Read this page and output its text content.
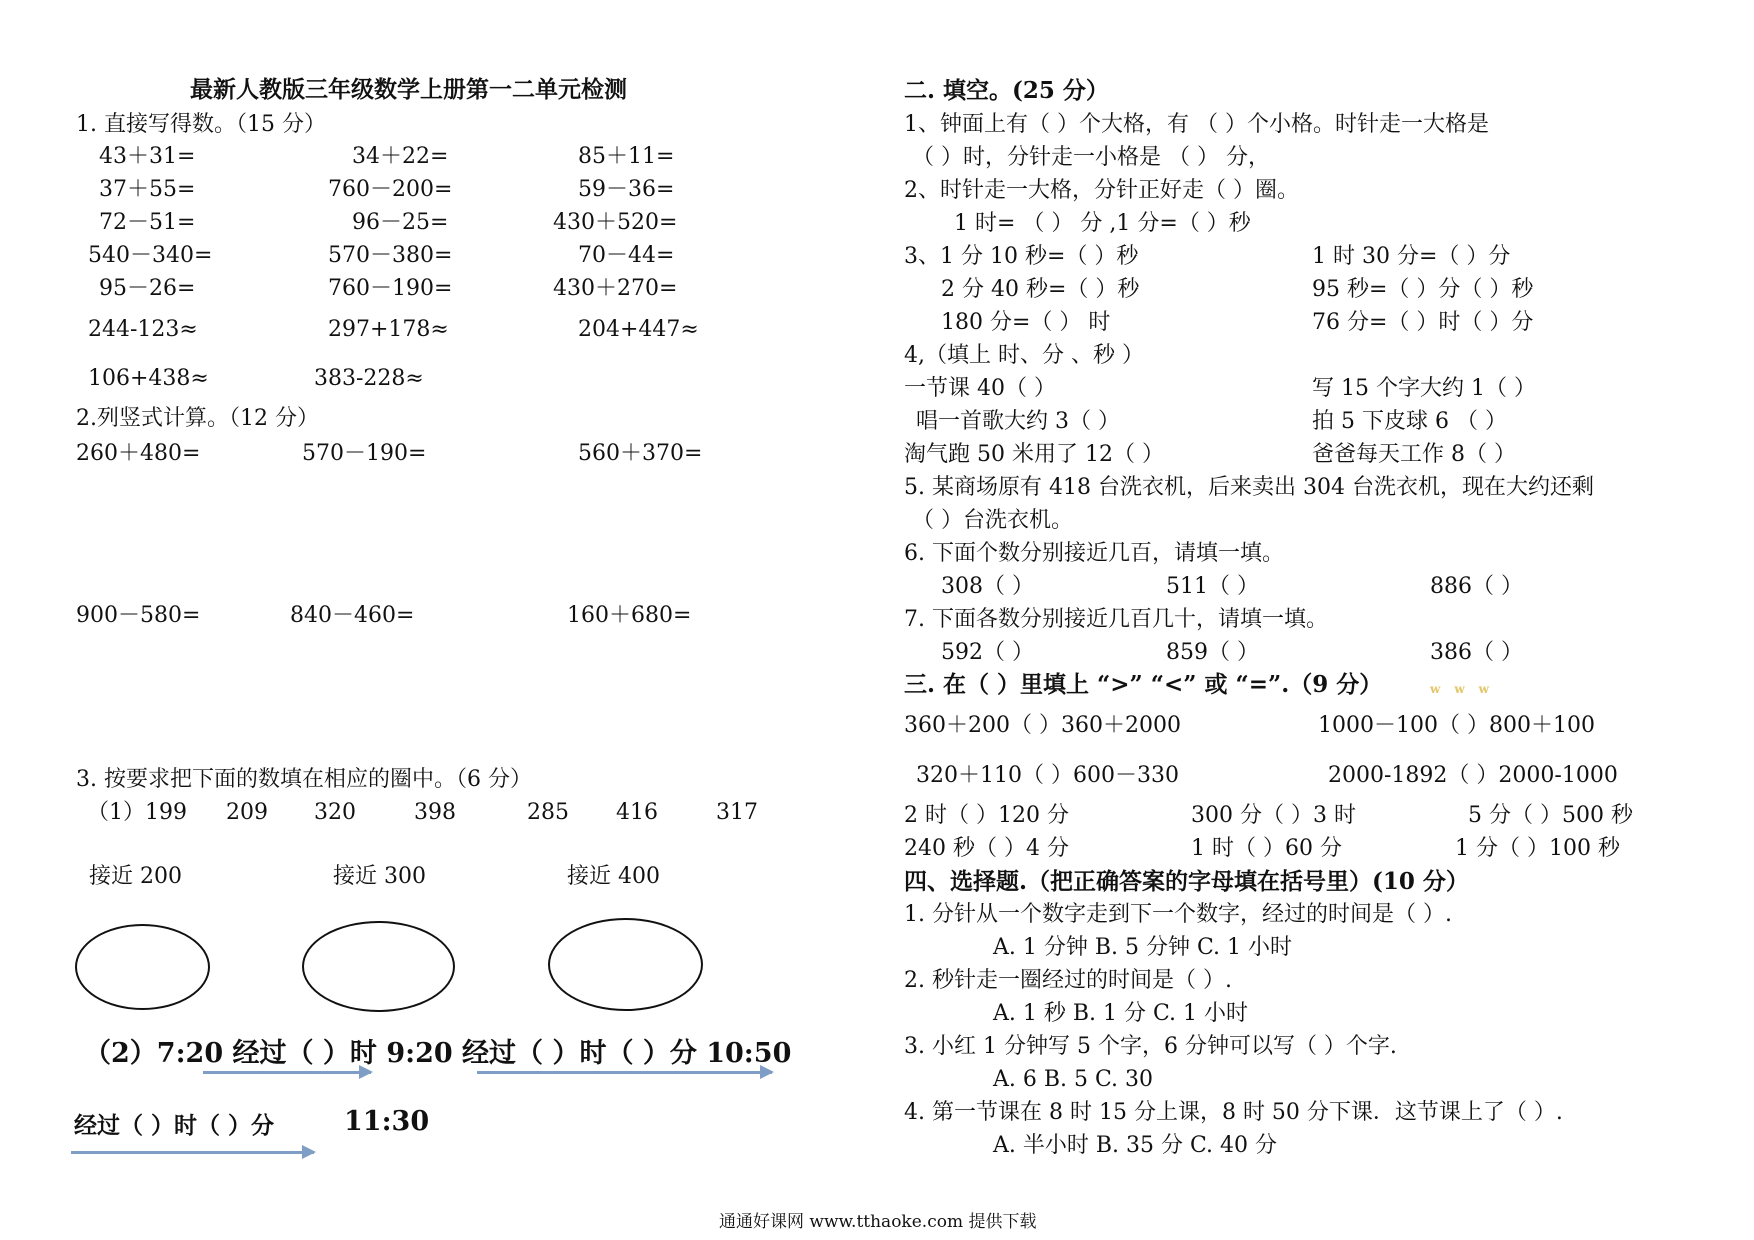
最新人教版三年级数学上册第一二单元检测
1. 直接写得数。（15 分）
43＋31=	34＋22=	85＋11=
37＋55=	760－200=	59－36=
72－51=	96－25=	430＋520=
540－340=	570－380=	70－44=
95－26=	760－190=	430＋270=
244-123≈	297+178≈	204+447≈
106+438≈	383-228≈
2.列竖式计算。（12 分）
260＋480=	570－190=	560＋370=
900－580=	840－460=	160＋680=
3. 按要求把下面的数填在相应的圈中。（6 分）
（1）199 209 320	398	285 416	317
接近 200	接近 300	接近 400
（2）7:20 经过（ ）时 9:20 经过（ ）时（ ）分 10:50
经过（ ）时（ ）分	11:30
二. 填空。(25 分）
1、钟面上有（ ）个大格，有 （ ）个小格。时针走一大格是
（ ）时，分针走一小格是 （ ） 分，
2、时针走一大格，分针正好走（ ）圈。
1 时= （ ） 分 ,1 分=（ ）秒
3、1 分 10 秒=（ ）秒	1 时 30 分=（ ）分
2 分 40 秒=（ ）秒	95 秒=（ ）分（ ）秒
180 分=（ ） 时	76 分=（ ）时（ ）分
4,（填上 时、分 、秒 ）
一节课 40（ ）	写 15 个字大约 1（ ）
唱一首歌大约 3（ ）	拍 5 下皮球 6 （ ）
淘气跑 50 米用了 12（ ）	爸爸每天工作 8（ ）
5. 某商场原有 418 台洗衣机，后来卖出 304 台洗衣机，现在大约还剩
（ ）台洗衣机。
6. 下面个数分别接近几百，请填一填。
308（ ）	511（ ）	886（ ）
7. 下面各数分别接近几百几十，请填一填。
592（ ）	859（ ）	386（ ）
三. 在（ ）里填上 “>” “<” 或 “=”.（9 分）	www
360＋200（ ）360＋2000	1000－100（ ）800＋100
320＋110（ ）600－330	2000-1892（ ）2000-1000
2 时（ ）120 分	300 分（ ）3 时	5 分（ ）500 秒
240 秒（ ）4 分	1 时（ ）60 分	1 分（ ）100 秒
四、选择题.（把正确答案的字母填在括号里）(10 分）
1. 分针从一个数字走到下一个数字，经过的时间是（ ）.
A. 1 分钟 B. 5 分钟 C. 1 小时
2. 秒针走一圈经过的时间是（ ）.
A. 1 秒 B. 1 分 C. 1 小时
3. 小红 1 分钟写 5 个字，6 分钟可以写（ ）个字.
A. 6 B. 5 C. 30
4. 第一节课在 8 时 15 分上课，8 时 50 分下课．这节课上了（ ）.
A. 半小时 B. 35 分 C. 40 分
通通好课网 www.tthaoke.com 提供下载
